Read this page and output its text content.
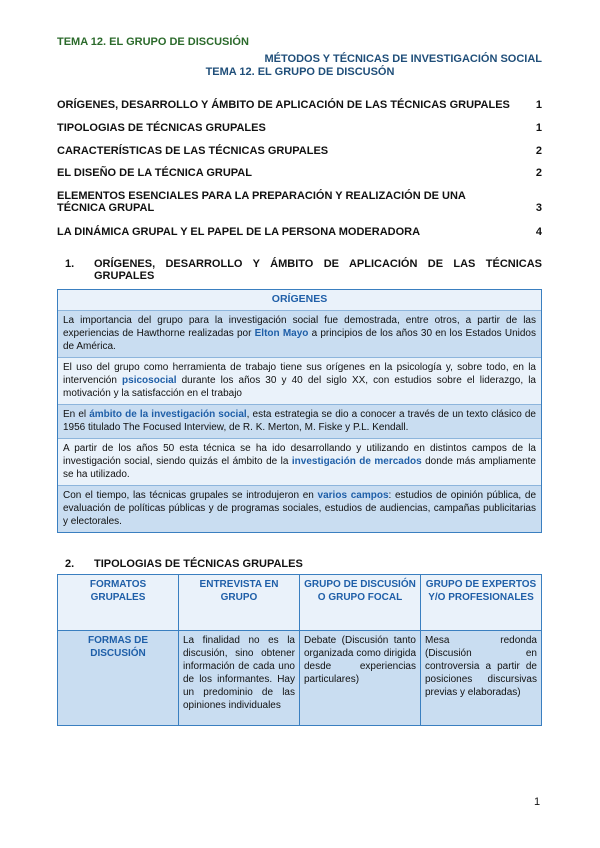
TEMA 12. EL GRUPO DE DISCUSIÓN
MÉTODOS Y TÉCNICAS DE INVESTIGACIÓN SOCIAL
TEMA 12. EL GRUPO DE DISCUSÓN
ORÍGENES, DESARROLLO Y ÁMBITO DE APLICACIÓN DE LAS TÉCNICAS GRUPALES 1
TIPOLOGIAS DE TÉCNICAS GRUPALES	1
CARACTERÍSTICAS DE LAS TÉCNICAS GRUPALES	2
EL DISEÑO DE LA TÉCNICA GRUPAL	2
ELEMENTOS ESENCIALES PARA LA PREPARACIÓN Y REALIZACIÓN DE UNA TÉCNICA GRUPAL	3
LA DINÁMICA GRUPAL Y EL PAPEL DE LA PERSONA MODERADORA	4
1. ORÍGENES, DESARROLLO Y ÁMBITO DE APLICACIÓN DE LAS TÉCNICAS GRUPALES
ORÍGENES
La importancia del grupo para la investigación social fue demostrada, entre otros, a partir de las experiencias de Hawthorne realizadas por Elton Mayo a principios de los años 30 en los Estados Unidos de América.
El uso del grupo como herramienta de trabajo tiene sus orígenes en la psicología y, sobre todo, en la intervención psicosocial durante los años 30 y 40 del siglo XX, con estudios sobre el liderazgo, la motivación y la satisfacción en el trabajo
En el ámbito de la investigación social, esta estrategia se dio a conocer a través de un texto clásico de 1956 titulado The Focused Interview, de R. K. Merton, M. Fiske y P.L. Kendall.
A partir de los años 50 esta técnica se ha ido desarrollando y utilizando en distintos campos de la investigación social, siendo quizás el ámbito de la investigación de mercados donde más ampliamente se ha utilizado.
Con el tiempo, las técnicas grupales se introdujeron en varios campos: estudios de opinión pública, de evaluación de políticas públicas y de programas sociales, estudios de audiencias, campañas publicitarias y electorales.
2. TIPOLOGIAS DE TÉCNICAS GRUPALES
FORMATOS GRUPALES	ENTREVISTA EN GRUPO	GRUPO DE DISCUSIÓN O GRUPO FOCAL	GRUPO DE EXPERTOS Y/O PROFESIONALES
FORMAS DE DISCUSIÓN	La finalidad no es la discusión, sino obtener información de cada uno de los informantes. Hay un predominio de las opiniones individuales	Debate (Discusión tanto organizada como dirigida desde experiencias particulares)	Mesa redonda (Discusión en controversia a partir de posiciones discursivas previas y elaboradas)
1
